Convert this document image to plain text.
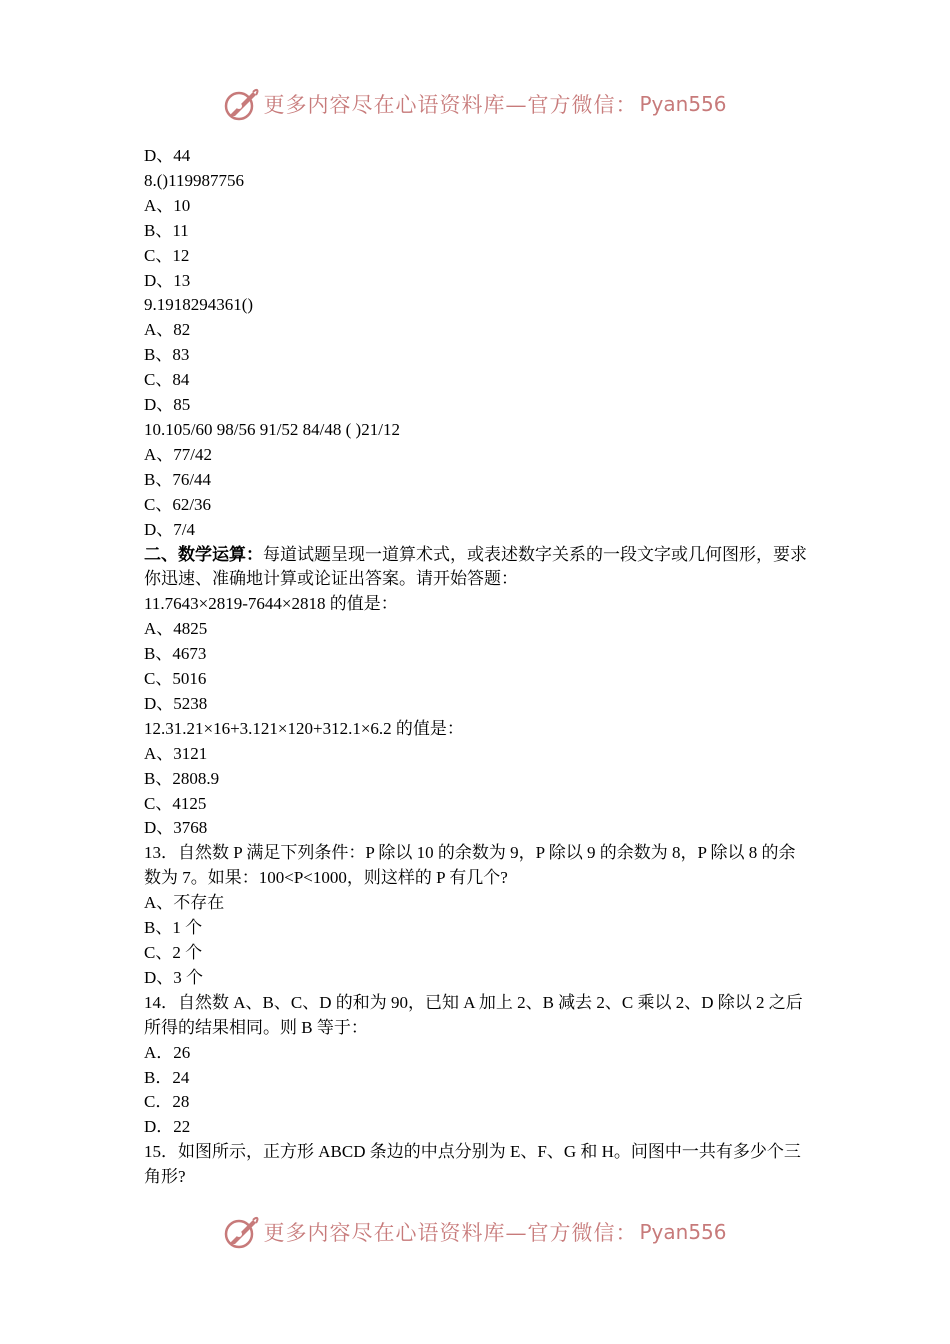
更多内容尽在心语资料库—官方微信： Pyan556
D、44
8.()119987756
A、10
B、11
C、12
D、13
9.1918294361()
A、82
B、83
C、84
D、85
10.105/60 98/56 91/52 84/48 ( )21/12
A、77/42
B、76/44
C、62/36
D、7/4
二、数学运算：每道试题呈现一道算术式，或表述数字关系的一段文字或几何图形，要求你迅速、准确地计算或论证出答案。请开始答题：
11.7643×2819-7644×2818 的值是：
A、4825
B、4673
C、5016
D、5238
12.31.21×16+3.121×120+312.1×6.2 的值是：
A、3121
B、2808.9
C、4125
D、3768
13．自然数 P 满足下列条件：P 除以 10 的余数为 9，P 除以 9 的余数为 8，P 除以 8 的余数为 7。如果：100<P<1000，则这样的 P 有几个?
A、不存在
B、1 个
C、2 个
D、3 个
14．自然数 A、B、C、D 的和为 90，已知 A 加上 2、B 减去 2、C 乘以 2、D 除以 2 之后所得的结果相同。则 B 等于：
A．26
B．24
C．28
D．22
15．如图所示，正方形 ABCD 条边的中点分别为 E、F、G 和 H。问图中一共有多少个三角形?
更多内容尽在心语资料库—官方微信： Pyan556
